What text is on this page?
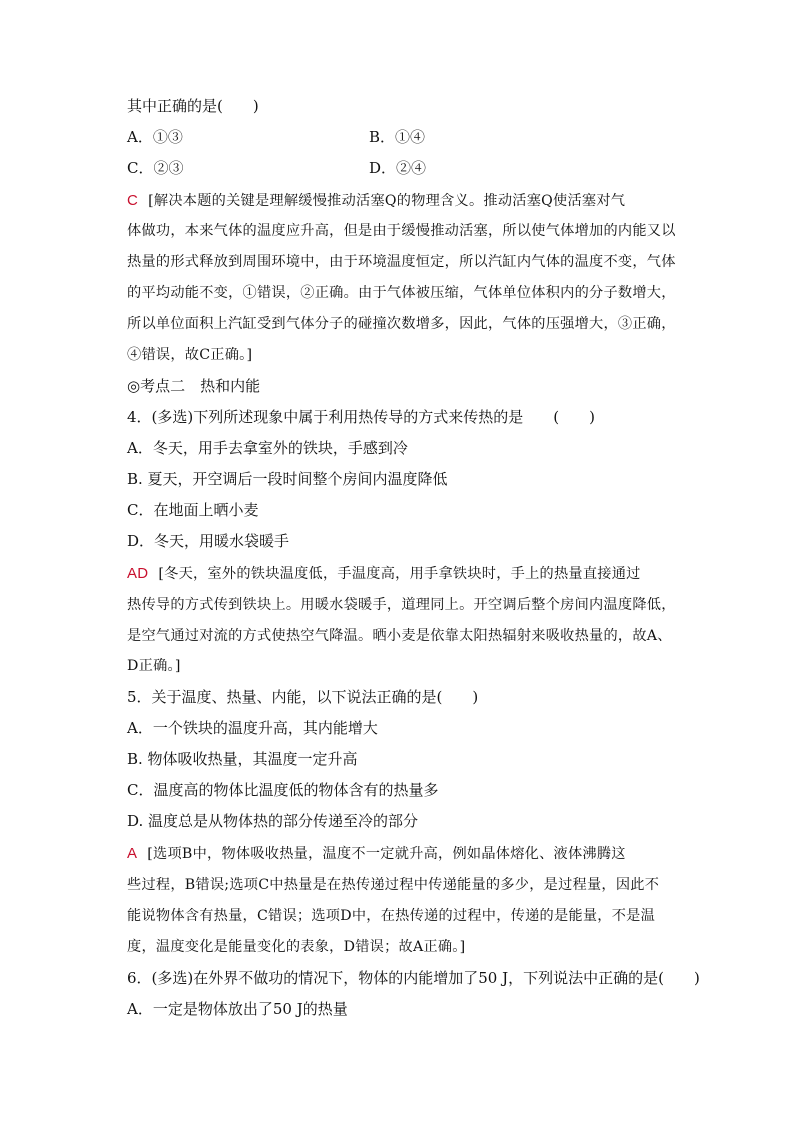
其中正确的是(　　)
A．①③	B．①④
C．②③	D．②④
C [解决本题的关键是理解缓慢推动活塞Q的物理含义。推动活塞Q使活塞对气
体做功，本来气体的温度应升高，但是由于缓慢推动活塞，所以使气体增加的内能又以
热量的形式释放到周围环境中，由于环境温度恒定，所以汽缸内气体的温度不变，气体
的平均动能不变，①错误，②正确。由于气体被压缩，气体单位体积内的分子数增大，
所以单位面积上汽缸受到气体分子的碰撞次数增多，因此，气体的压强增大，③正确，
④错误，故C正确。]
◎考点二　热和内能
4．(多选)下列所述现象中属于利用热传导的方式来传热的是　　(　　)
A．冬天，用手去拿室外的铁块，手感到冷
B. 夏天，开空调后一段时间整个房间内温度降低
C．在地面上晒小麦
D．冬天，用暖水袋暖手
AD [冬天，室外的铁块温度低，手温度高，用手拿铁块时，手上的热量直接通过
热传导的方式传到铁块上。用暖水袋暖手，道理同上。开空调后整个房间内温度降低，
是空气通过对流的方式使热空气降温。晒小麦是依靠太阳热辐射来吸收热量的，故A、
D正确。]
5．关于温度、热量、内能，以下说法正确的是(　　)
A．一个铁块的温度升高，其内能增大
B. 物体吸收热量，其温度一定升高
C．温度高的物体比温度低的物体含有的热量多
D. 温度总是从物体热的部分传递至冷的部分
A [选项B中，物体吸收热量，温度不一定就升高，例如晶体熔化、液体沸腾这
些过程，B错误;选项C中热量是在热传递过程中传递能量的多少，是过程量，因此不
能说物体含有热量，C错误；选项D中，在热传递的过程中，传递的是能量，不是温
度，温度变化是能量变化的表象，D错误；故A正确。]
6．(多选)在外界不做功的情况下，物体的内能增加了50 J，下列说法中正确的是(　　)
A．一定是物体放出了50 J的热量
